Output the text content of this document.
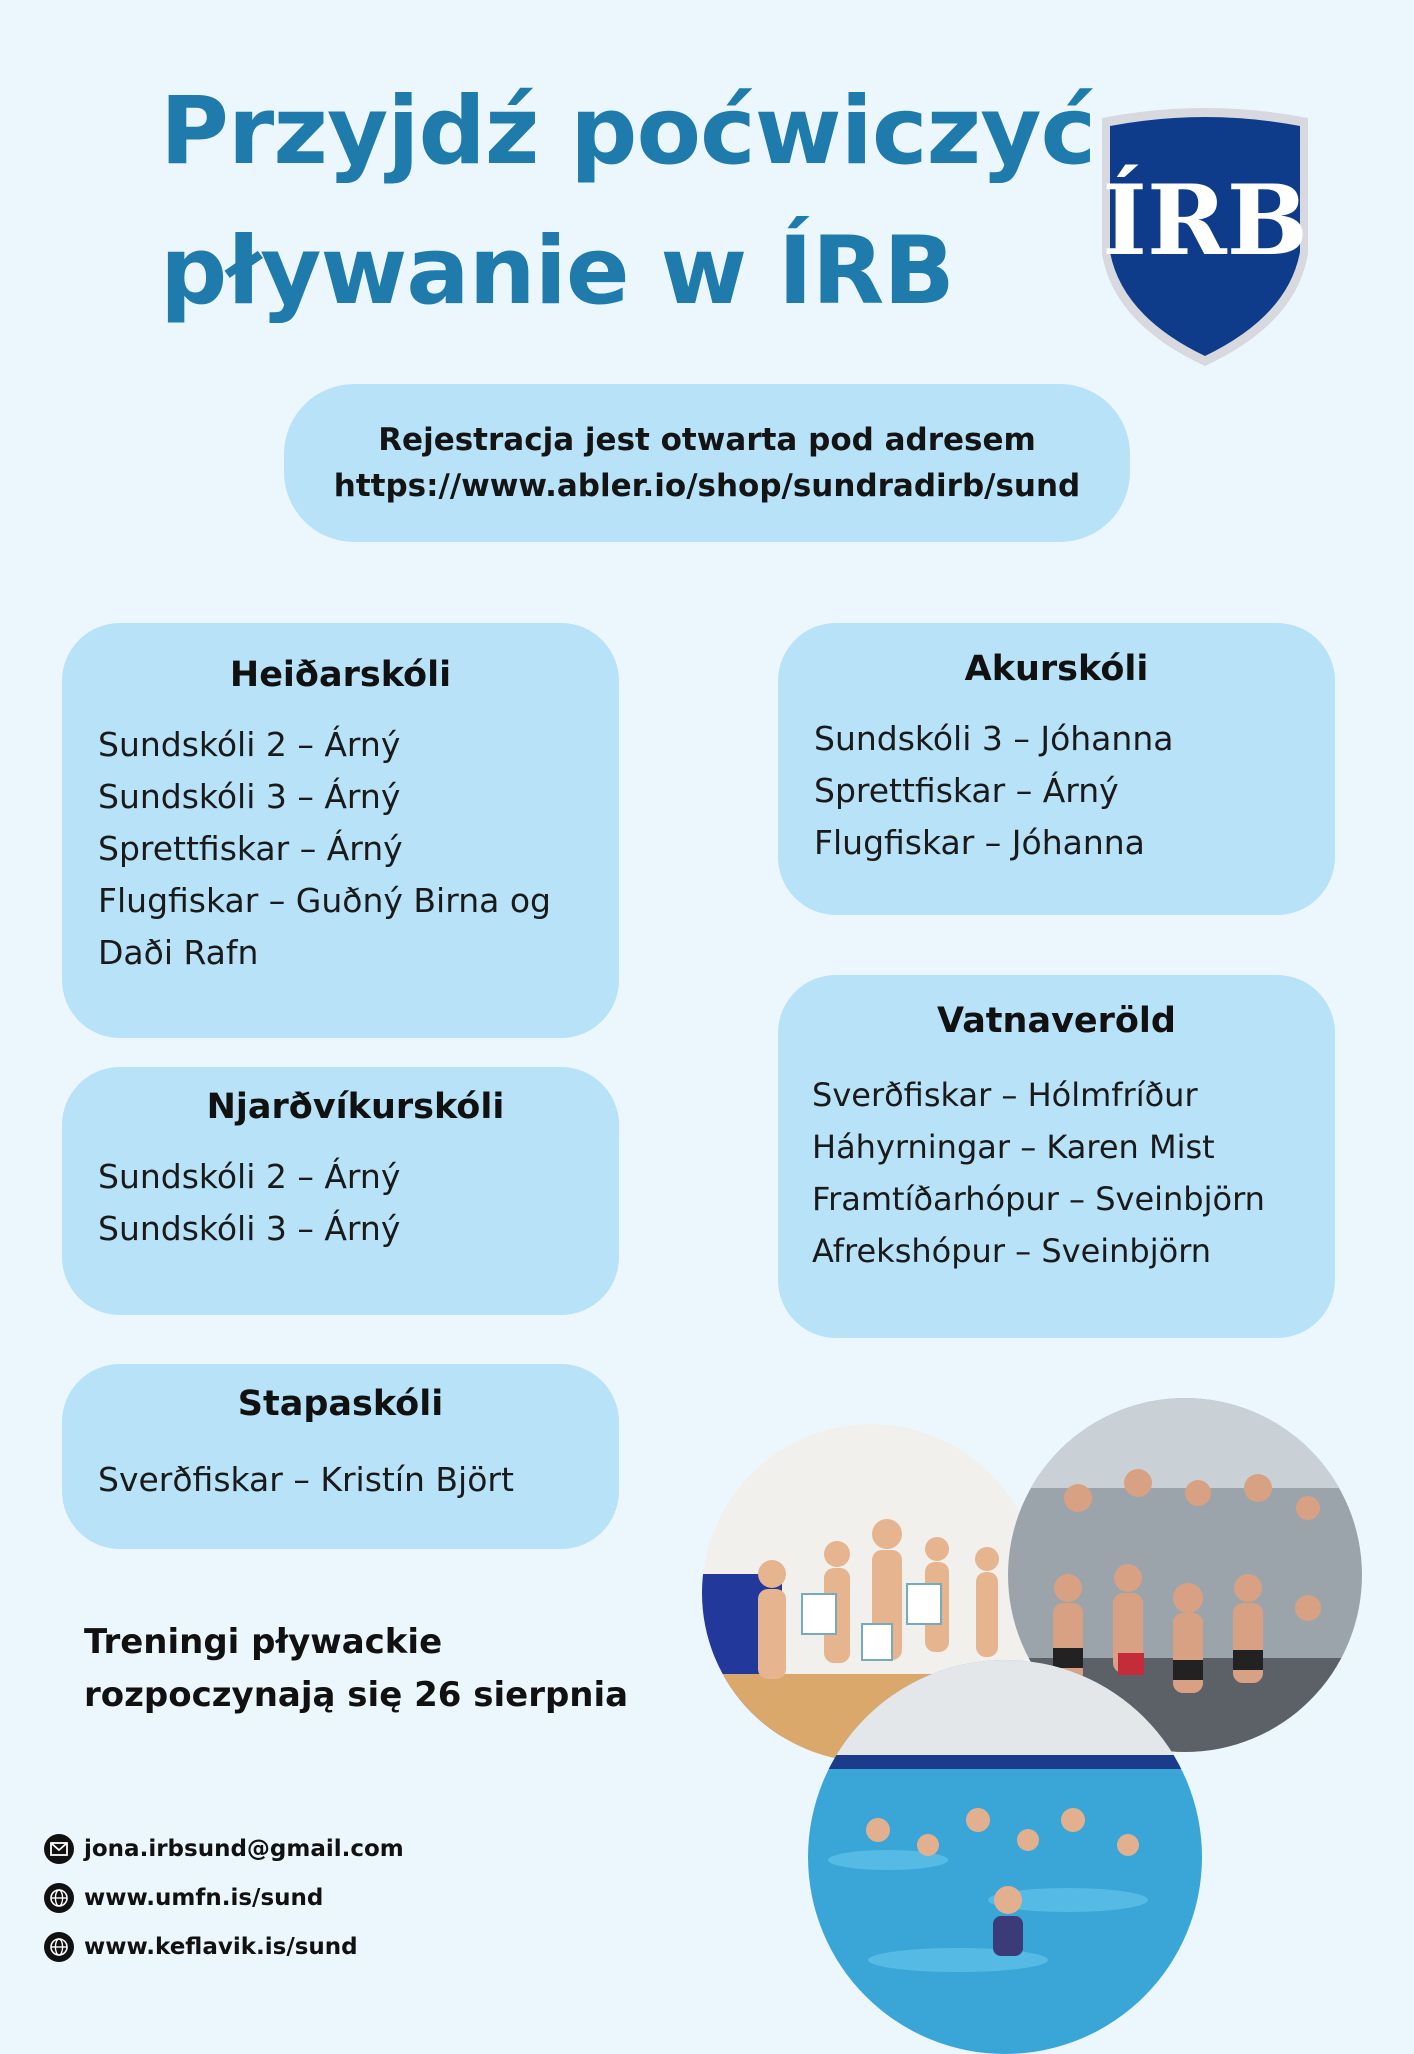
Przyjdź poćwiczyć
pływanie w ÍRB	ÍRB
Rejestracja jest otwarta pod adresem
https://www.abler.io/shop/sundradirb/sund
Heiðarskóli
Sundskóli 2 – Árný
Sundskóli 3 – Árný
Sprettfiskar – Árný
Flugfiskar – Guðný Birna og Daði Rafn
Akurskóli
Sundskóli 3 – Jóhanna
Sprettfiskar – Árný
Flugfiskar – Jóhanna
Njarðvíkurskóli
Sundskóli 2 – Árný
Sundskóli 3 – Árný
Vatnaveröld
Sverðfiskar – Hólmfríður
Háhyrningar – Karen Mist
Framtíðarhópur – Sveinbjörn
Afrekshópur – Sveinbjörn
Stapaskóli
Sverðfiskar – Kristín Björt
Treningi pływackie
rozpoczynają się 26 sierpnia
jona.irbsund@gmail.com
www.umfn.is/sund
www.keflavik.is/sund
